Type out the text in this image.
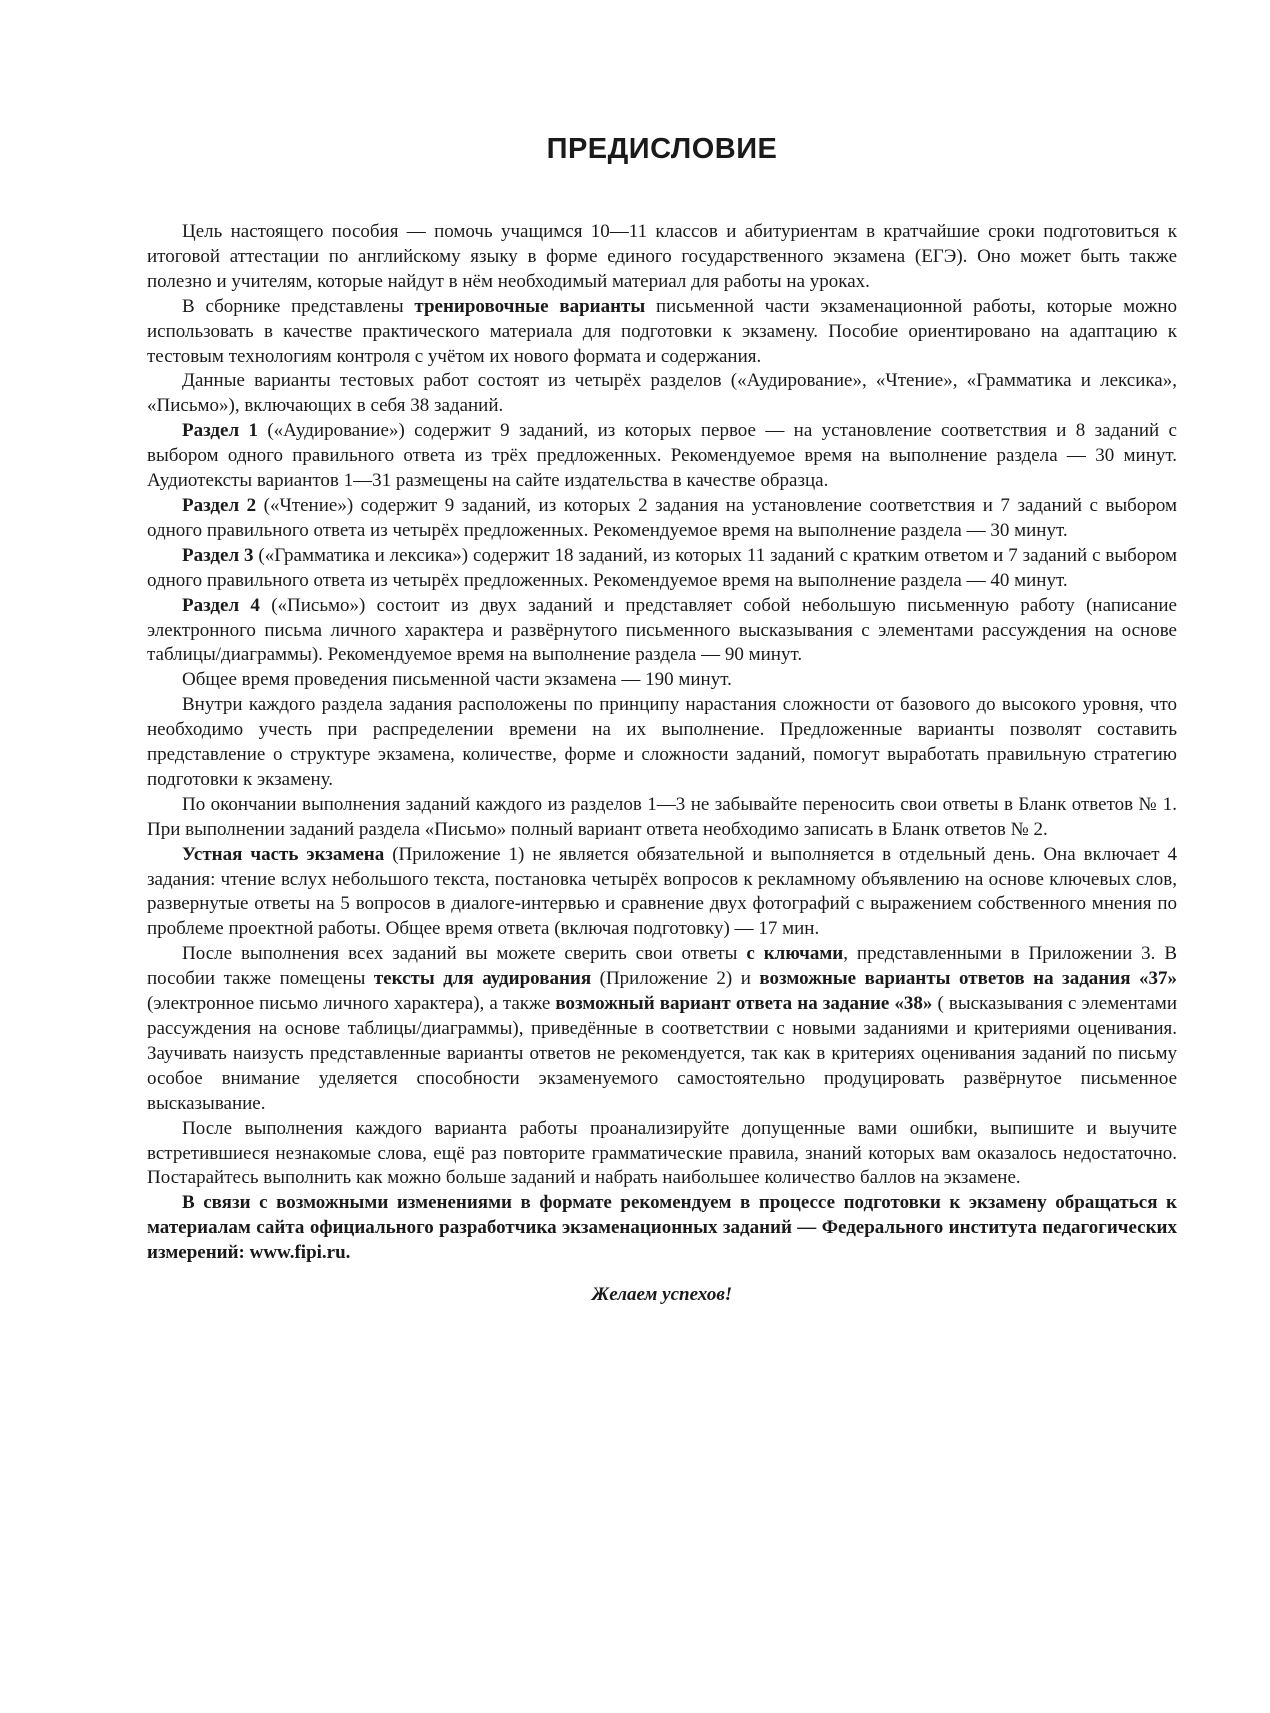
ПРЕДИСЛОВИЕ

Цель настоящего пособия — помочь учащимся 10—11 классов и абитуриентам в кратчайшие сроки подготовиться к итоговой аттестации по английскому языку в форме единого государственного экзамена (ЕГЭ). Оно может быть также полезно и учителям, которые найдут в нём необходимый материал для работы на уроках.

В сборнике представлены тренировочные варианты письменной части экзаменационной работы, которые можно использовать в качестве практического материала для подготовки к экзамену. Пособие ориентировано на адаптацию к тестовым технологиям контроля с учётом их нового формата и содержания.

Данные варианты тестовых работ состоят из четырёх разделов («Аудирование», «Чтение», «Грамматика и лексика», «Письмо»), включающих в себя 38 заданий.

Раздел 1 («Аудирование») содержит 9 заданий, из которых первое — на установление соответствия и 8 заданий с выбором одного правильного ответа из трёх предложенных. Рекомендуемое время на выполнение раздела — 30 минут. Аудиотексты вариантов 1—31 размещены на сайте издательства в качестве образца.

Раздел 2 («Чтение») содержит 9 заданий, из которых 2 задания на установление соответствия и 7 заданий с выбором одного правильного ответа из четырёх предложенных. Рекомендуемое время на выполнение раздела — 30 минут.

Раздел 3 («Грамматика и лексика») содержит 18 заданий, из которых 11 заданий с кратким ответом и 7 заданий с выбором одного правильного ответа из четырёх предложенных. Рекомендуемое время на выполнение раздела — 40 минут.

Раздел 4 («Письмо») состоит из двух заданий и представляет собой небольшую письменную работу (написание электронного письма личного характера и развёрнутого письменного высказывания с элементами рассуждения на основе таблицы/диаграммы). Рекомендуемое время на выполнение раздела — 90 минут.

Общее время проведения письменной части экзамена — 190 минут.

Внутри каждого раздела задания расположены по принципу нарастания сложности от базового до высокого уровня, что необходимо учесть при распределении времени на их выполнение. Предложенные варианты позволят составить представление о структуре экзамена, количестве, форме и сложности заданий, помогут выработать правильную стратегию подготовки к экзамену.

По окончании выполнения заданий каждого из разделов 1—3 не забывайте переносить свои ответы в Бланк ответов № 1. При выполнении заданий раздела «Письмо» полный вариант ответа необходимо записать в Бланк ответов № 2.

Устная часть экзамена (Приложение 1) не является обязательной и выполняется в отдельный день. Она включает 4 задания: чтение вслух небольшого текста, постановка четырёх вопросов к рекламному объявлению на основе ключевых слов, развернутые ответы на 5 вопросов в диалоге-интервью и сравнение двух фотографий с выражением собственного мнения по проблеме проектной работы. Общее время ответа (включая подготовку) — 17 мин.

После выполнения всех заданий вы можете сверить свои ответы с ключами, представленными в Приложении 3. В пособии также помещены тексты для аудирования (Приложение 2) и возможные варианты ответов на задания «37» (электронное письмо личного характера), а также возможный вариант ответа на задание «38» ( высказывания с элементами рассуждения на основе таблицы/диаграммы), приведённые в соответствии с новыми заданиями и критериями оценивания. Заучивать наизусть представленные варианты ответов не рекомендуется, так как в критериях оценивания заданий по письму особое внимание уделяется способности экзаменуемого самостоятельно продуцировать развёрнутое письменное высказывание.

После выполнения каждого варианта работы проанализируйте допущенные вами ошибки, выпишите и выучите встретившиеся незнакомые слова, ещё раз повторите грамматические правила, знаний которых вам оказалось недостаточно. Постарайтесь выполнить как можно больше заданий и набрать наибольшее количество баллов на экзамене.

В связи с возможными изменениями в формате рекомендуем в процессе подготовки к экзамену обращаться к материалам сайта официального разработчика экзаменационных заданий — Федерального института педагогических измерений: www.fipi.ru.

Желаем успехов!
